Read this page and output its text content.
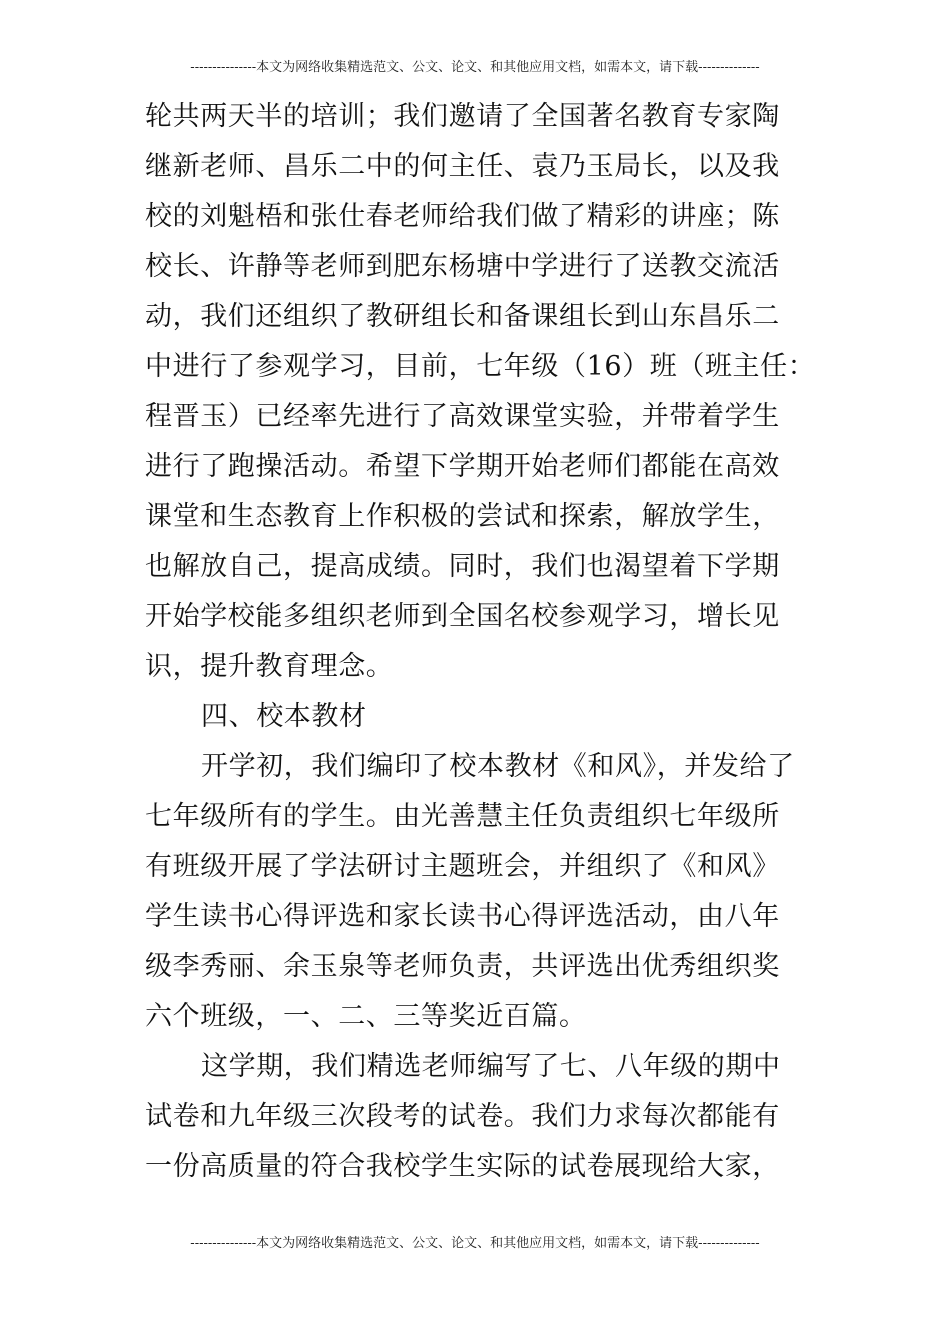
---------------本文为网络收集精选范文、公文、论文、和其他应用文档，如需本文，请下载--------------
轮共两天半的培训；我们邀请了全国著名教育专家陶
继新老师、昌乐二中的何主任、袁乃玉局长，以及我
校的刘魁梧和张仕春老师给我们做了精彩的讲座；陈
校长、许静等老师到肥东杨塘中学进行了送教交流活
动，我们还组织了教研组长和备课组长到山东昌乐二
中进行了参观学习，目前，七年级（16）班（班主任：
程晋玉）已经率先进行了高效课堂实验，并带着学生
进行了跑操活动。希望下学期开始老师们都能在高效
课堂和生态教育上作积极的尝试和探索，解放学生，
也解放自己，提高成绩。同时，我们也渴望着下学期
开始学校能多组织老师到全国名校参观学习，增长见
识，提升教育理念。
四、校本教材
开学初，我们编印了校本教材《和风》，并发给了
七年级所有的学生。由光善慧主任负责组织七年级所
有班级开展了学法研讨主题班会，并组织了《和风》
学生读书心得评选和家长读书心得评选活动，由八年
级李秀丽、余玉泉等老师负责，共评选出优秀组织奖
六个班级，一、二、三等奖近百篇。
这学期，我们精选老师编写了七、八年级的期中
试卷和九年级三次段考的试卷。我们力求每次都能有
一份高质量的符合我校学生实际的试卷展现给大家，
---------------本文为网络收集精选范文、公文、论文、和其他应用文档，如需本文，请下载--------------
